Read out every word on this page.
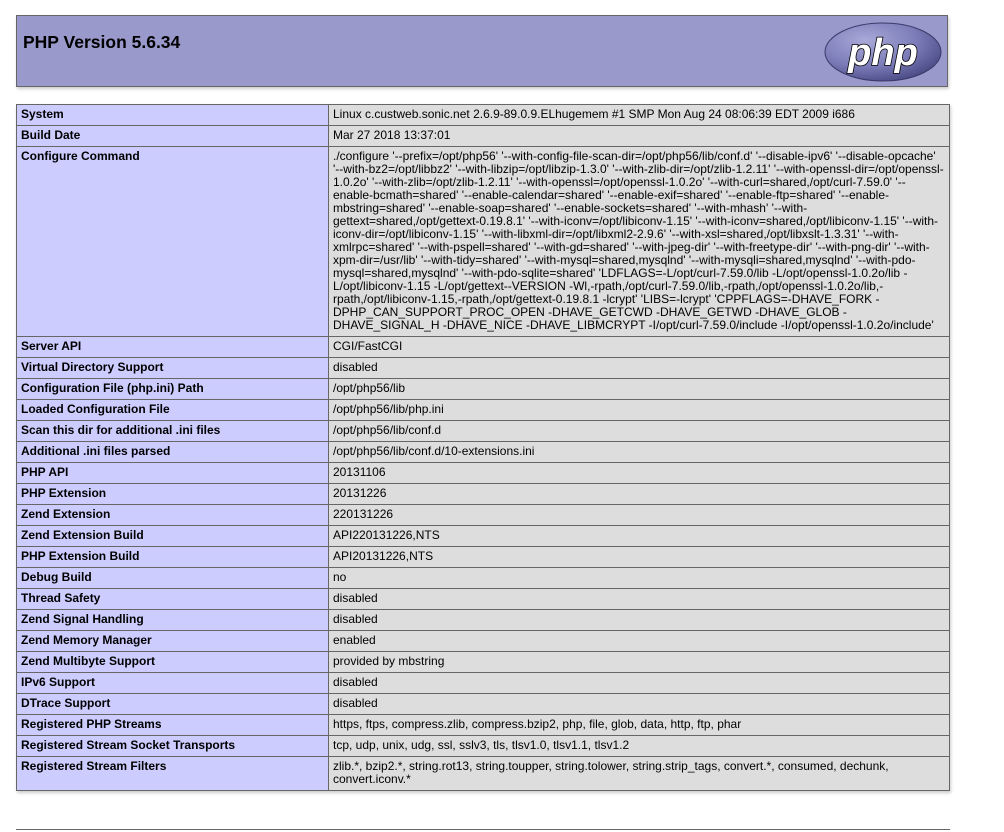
PHP Version 5.6.34	php
System	Linux c.custweb.sonic.net 2.6.9-89.0.9.ELhugemem #1 SMP Mon Aug 24 08:06:39 EDT 2009 i686
Build Date	Mar 27 2018 13:37:01
Configure Command	./configure '--prefix=/opt/php56' '--with-config-file-scan-dir=/opt/php56/lib/conf.d' '--disable-ipv6' '--disable-opcache' '--with-bz2=/opt/libbz2' '--with-libzip=/opt/libzip-1.3.0' '--with-zlib-dir=/opt/zlib-1.2.11' '--with-openssl-dir=/opt/openssl-1.0.2o' '--with-zlib=/opt/zlib-1.2.11' '--with-openssl=/opt/openssl-1.0.2o' '--with-curl=shared,/opt/curl-7.59.0' '--enable-bcmath=shared' '--enable-calendar=shared' '--enable-exif=shared' '--enable-ftp=shared' '--enable-mbstring=shared' '--enable-soap=shared' '--enable-sockets=shared' '--with-mhash' '--with-gettext=shared,/opt/gettext-0.19.8.1' '--with-iconv=/opt/libiconv-1.15' '--with-iconv=shared,/opt/libiconv-1.15' '--with-iconv-dir=/opt/libiconv-1.15' '--with-libxml-dir=/opt/libxml2-2.9.6' '--with-xsl=shared,/opt/libxslt-1.3.31' '--with-xmlrpc=shared' '--with-pspell=shared' '--with-gd=shared' '--with-jpeg-dir' '--with-freetype-dir' '--with-png-dir' '--with-xpm-dir=/usr/lib' '--with-tidy=shared' '--with-mysql=shared,mysqlnd' '--with-mysqli=shared,mysqlnd' '--with-pdo-mysql=shared,mysqlnd' '--with-pdo-sqlite=shared' 'LDFLAGS=-L/opt/curl-7.59.0/lib -L/opt/openssl-1.0.2o/lib -L/opt/libiconv-1.15 -L/opt/gettext--VERSION -Wl,-rpath,/opt/curl-7.59.0/lib,-rpath,/opt/openssl-1.0.2o/lib,-rpath,/opt/libiconv-1.15,-rpath,/opt/gettext-0.19.8.1 -lcrypt' 'LIBS=-lcrypt' 'CPPFLAGS=-DHAVE_FORK -DPHP_CAN_SUPPORT_PROC_OPEN -DHAVE_GETCWD -DHAVE_GETWD -DHAVE_GLOB -DHAVE_SIGNAL_H -DHAVE_NICE -DHAVE_LIBMCRYPT -I/opt/curl-7.59.0/include -I/opt/openssl-1.0.2o/include'
Server API	CGI/FastCGI
Virtual Directory Support	disabled
Configuration File (php.ini) Path	/opt/php56/lib
Loaded Configuration File	/opt/php56/lib/php.ini
Scan this dir for additional .ini files	/opt/php56/lib/conf.d
Additional .ini files parsed	/opt/php56/lib/conf.d/10-extensions.ini
PHP API	20131106
PHP Extension	20131226
Zend Extension	220131226
Zend Extension Build	API220131226,NTS
PHP Extension Build	API20131226,NTS
Debug Build	no
Thread Safety	disabled
Zend Signal Handling	disabled
Zend Memory Manager	enabled
Zend Multibyte Support	provided by mbstring
IPv6 Support	disabled
DTrace Support	disabled
Registered PHP Streams	https, ftps, compress.zlib, compress.bzip2, php, file, glob, data, http, ftp, phar
Registered Stream Socket Transports	tcp, udp, unix, udg, ssl, sslv3, tls, tlsv1.0, tlsv1.1, tlsv1.2
Registered Stream Filters	zlib.*, bzip2.*, string.rot13, string.toupper, string.tolower, string.strip_tags, convert.*, consumed, dechunk, convert.iconv.*
